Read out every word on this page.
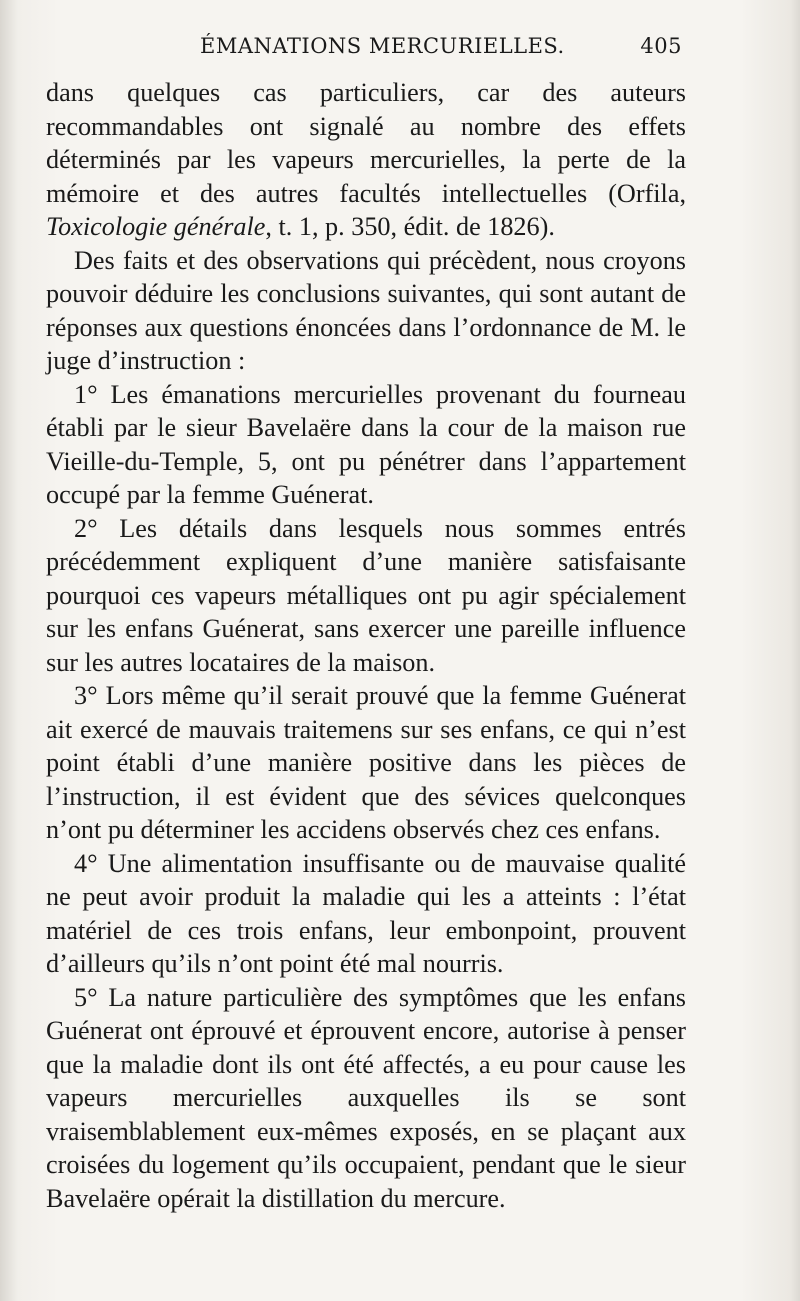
ÉMANATIONS MERCURIELLES.	405

dans quelques cas particuliers, car des auteurs recommandables ont signalé au nombre des effets déterminés par les vapeurs mercurielles, la perte de la mémoire et des autres facultés intellectuelles (Orfila, Toxicologie générale, t. 1, p. 350, édit. de 1826).

Des faits et des observations qui précèdent, nous croyons pouvoir déduire les conclusions suivantes, qui sont autant de réponses aux questions énoncées dans l’ordonnance de M. le juge d’instruction :

1° Les émanations mercurielles provenant du fourneau établi par le sieur Bavelaëre dans la cour de la maison rue Vieille-du-Temple, 5, ont pu pénétrer dans l’appartement occupé par la femme Guénerat.

2° Les détails dans lesquels nous sommes entrés précédemment expliquent d’une manière satisfaisante pourquoi ces vapeurs métalliques ont pu agir spécialement sur les enfans Guénerat, sans exercer une pareille influence sur les autres locataires de la maison.

3° Lors même qu’il serait prouvé que la femme Guénerat ait exercé de mauvais traitemens sur ses enfans, ce qui n’est point établi d’une manière positive dans les pièces de l’instruction, il est évident que des sévices quelconques n’ont pu déterminer les accidens observés chez ces enfans.

4° Une alimentation insuffisante ou de mauvaise qualité ne peut avoir produit la maladie qui les a atteints : l’état matériel de ces trois enfans, leur embonpoint, prouvent d’ailleurs qu’ils n’ont point été mal nourris.

5° La nature particulière des symptômes que les enfans Guénerat ont éprouvé et éprouvent encore, autorise à penser que la maladie dont ils ont été affectés, a eu pour cause les vapeurs mercurielles auxquelles ils se sont vraisemblablement eux-mêmes exposés, en se plaçant aux croisées du logement qu’ils occupaient, pendant que le sieur Bavelaëre opérait la distillation du mercure.
